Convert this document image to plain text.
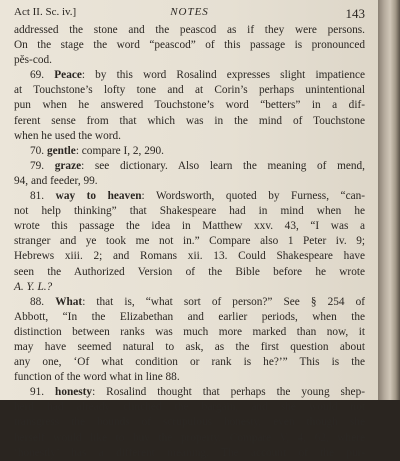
Act II. Sc. iv.]	NOTES	143
addressed the stone and the peascod as if they were persons.
On the stage the word “peascod” of this passage is pronounced
pĕs-cod.
69. Peace: by this word Rosalind expresses slight impatience
at Touchstone’s lofty tone and at Corin’s perhaps unintentional
pun when he answered Touchstone’s word “betters” in a dif-
ferent sense from that which was in the mind of Touchstone
when he used the word.
70. gentle: compare I, 2, 290.
79. graze: see dictionary. Also learn the meaning of mend,
94, and feeder, 99.
81. way to heaven: Wordsworth, quoted by Furness, “can-
not help thinking” that Shakespeare had in mind when he
wrote this passage the idea in Matthew xxv. 43, “I was a
stranger and ye took me not in.” Compare also 1 Peter iv. 9;
Hebrews xiii. 2; and Romans xii. 13. Could Shakespeare have
seen the Authorized Version of the Bible before he wrote
A. Y. L.?
88. What: that is, “what sort of person?” See § 254 of
Abbott, “In the Elizabethan and earlier periods, when the
distinction between ranks was much more marked than now, it
may have seemed natural to ask, as the first question about
any one, ‘Of what condition or rank is he?’” This is the
function of the word what in line 88.
91. honesty: Rosalind thought that perhaps the young shep-
herd had already clinched the bargain, and she would not
transgress the bounds of scrupulous honesty, even though she
herself would like to buy the property. Compare V, 4, 62, where
‘honestly’ has a different meaning. The account of the pur-
